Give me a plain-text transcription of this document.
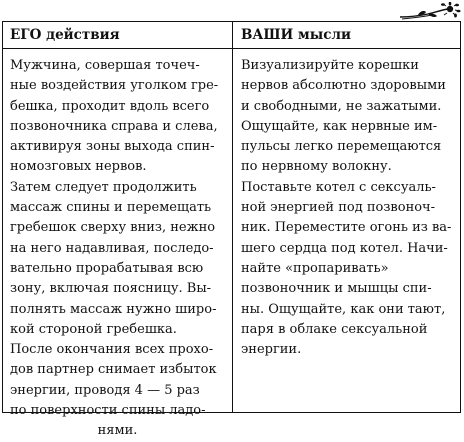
ЕГО действия	ВАШИ мысли
Мужчина, совершая точеч-
ные воздействия уголком гре-
бешка, проходит вдоль всего
позвоночника справа и слева,
активируя зоны выхода спин-
номозговых нервов.
Затем следует продолжить
массаж спины и перемещать
гребешок сверху вниз, нежно
на него надавливая, последо-
вательно прорабатывая всю
зону, включая поясницу. Вы-
полнять массаж нужно широ-
кой стороной гребешка.
После окончания всех прохо-
дов партнер снимает избыток
энергии, проводя 4 — 5 раз
по поверхности спины ладо-
нями.
Визуализируйте корешки
нервов абсолютно здоровыми
и свободными, не зажатыми.
Ощущайте, как нервные им-
пульсы легко перемещаются
по нервному волокну.
Поставьте котел с сексуаль-
ной энергией под позвоноч-
ник. Переместите огонь из ва-
шего сердца под котел. Начи-
найте «пропаривать»
позвоночник и мышцы спи-
ны. Ощущайте, как они тают,
паря в облаке сексуальной
энергии.
